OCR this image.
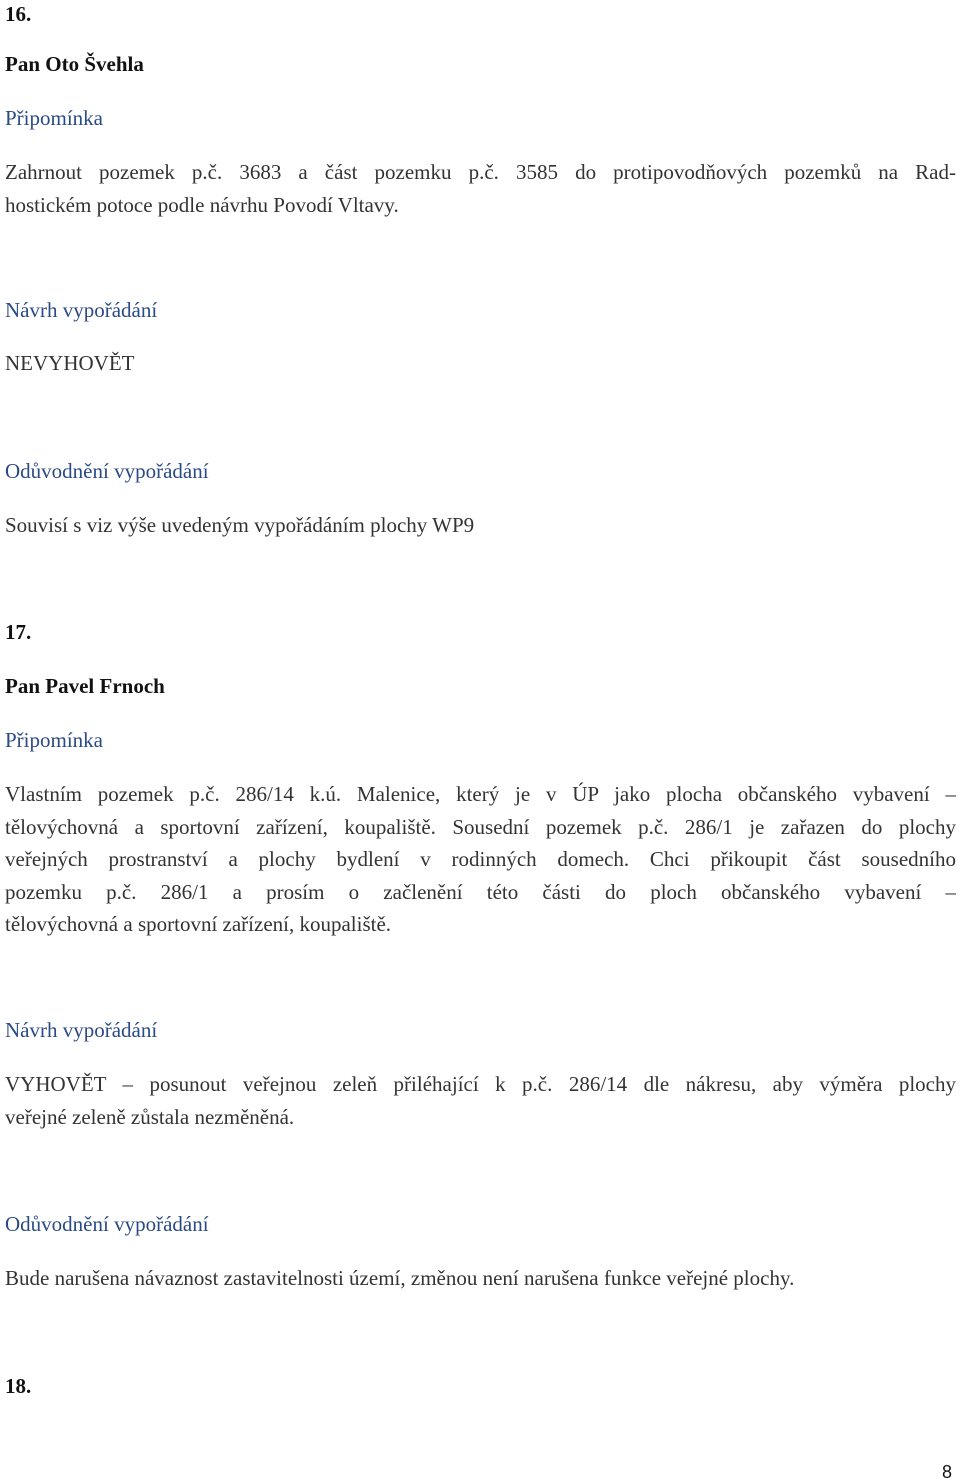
16.
Pan Oto Švehla
Připomínka
Zahrnout pozemek p.č. 3683 a část pozemku p.č. 3585 do protipovodňových pozemků na Rad-
hostickém potoce podle návrhu Povodí Vltavy.
Návrh vypořádání
NEVYHOVĚT
Odůvodnění vypořádání
Souvisí s viz výše uvedeným vypořádáním plochy WP9
17.
Pan Pavel Frnoch
Připomínka
Vlastním pozemek p.č. 286/14 k.ú. Malenice, který je v ÚP jako plocha občanského vybavení –
tělovýchovná a sportovní zařízení, koupaliště. Sousední pozemek p.č. 286/1 je zařazen do plochy
veřejných prostranství a plochy bydlení v rodinných domech. Chci přikoupit část sousedního
pozemku p.č. 286/1 a prosím o začlenění této části do ploch občanského vybavení –
tělovýchovná a sportovní zařízení, koupaliště.
Návrh vypořádání
VYHOVĚT – posunout veřejnou zeleň přiléhající k p.č. 286/14 dle nákresu, aby výměra plochy
veřejné zeleně zůstala nezměněná.
Odůvodnění vypořádání
Bude narušena návaznost zastavitelnosti území, změnou není narušena funkce veřejné plochy.
18.
8
